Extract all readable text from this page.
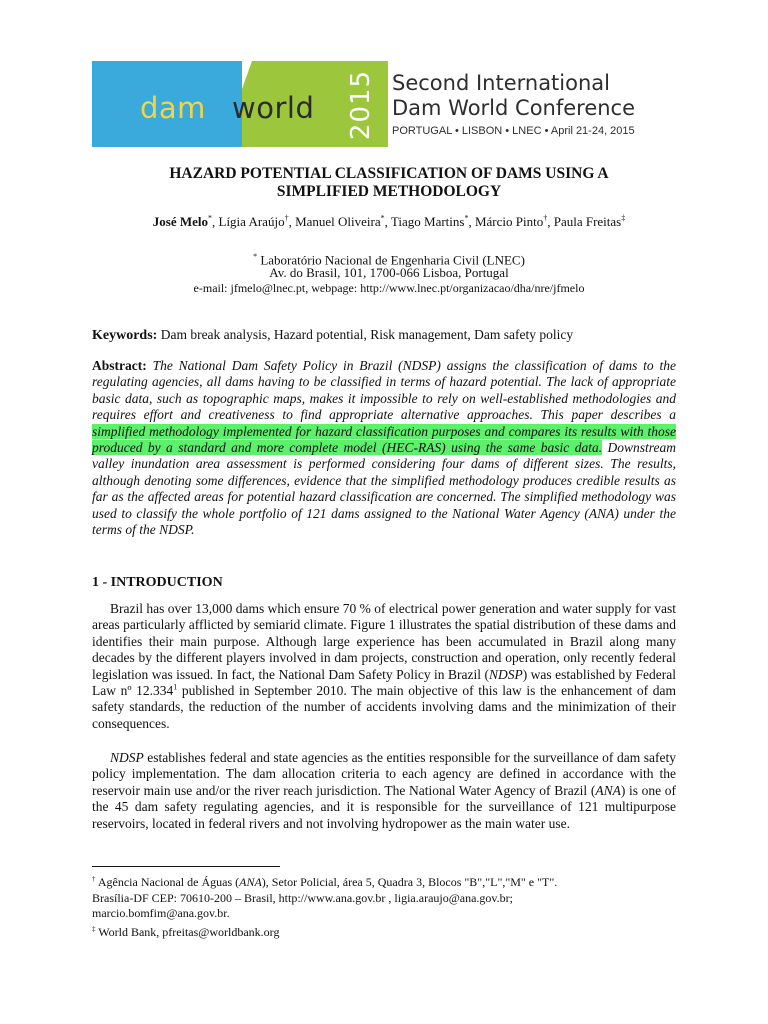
dam world 2015 Second International
Dam World Conference
PORTUGAL • LISBON • LNEC • April 21-24, 2015
HAZARD POTENTIAL CLASSIFICATION OF DAMS USING A
SIMPLIFIED METHODOLOGY
José Melo*, Lígia Araújo†, Manuel Oliveira*, Tiago Martins*, Márcio Pinto†, Paula Freitas‡
* Laboratório Nacional de Engenharia Civil (LNEC)
Av. do Brasil, 101, 1700-066 Lisboa, Portugal
e-mail: jfmelo@lnec.pt, webpage: http://www.lnec.pt/organizacao/dha/nre/jfmelo
Keywords: Dam break analysis, Hazard potential, Risk management, Dam safety policy
Abstract: The National Dam Safety Policy in Brazil (NDSP) assigns the classification of dams to the regulating agencies, all dams having to be classified in terms of hazard potential. The lack of appropriate basic data, such as topographic maps, makes it impossible to rely on well-established methodologies and requires effort and creativeness to find appropriate alternative approaches. This paper describes a simplified methodology implemented for hazard classification purposes and compares its results with those produced by a standard and more complete model (HEC-RAS) using the same basic data. Downstream valley inundation area assessment is performed considering four dams of different sizes. The results, although denoting some differences, evidence that the simplified methodology produces credible results as far as the affected areas for potential hazard classification are concerned. The simplified methodology was used to classify the whole portfolio of 121 dams assigned to the National Water Agency (ANA) under the terms of the NDSP.
1 - INTRODUCTION
Brazil has over 13,000 dams which ensure 70 % of electrical power generation and water supply for vast areas particularly afflicted by semiarid climate. Figure 1 illustrates the spatial distribution of these dams and identifies their main purpose. Although large experience has been accumulated in Brazil along many decades by the different players involved in dam projects, construction and operation, only recently federal legislation was issued. In fact, the National Dam Safety Policy in Brazil (NDSP) was established by Federal Law nº 12.334$^1$ published in September 2010. The main objective of this law is the enhancement of dam safety standards, the reduction of the number of accidents involving dams and the minimization of their consequences.
NDSP establishes federal and state agencies as the entities responsible for the surveillance of dam safety policy implementation. The dam allocation criteria to each agency are defined in accordance with the reservoir main use and/or the river reach jurisdiction. The National Water Agency of Brazil (ANA) is one of the 45 dam safety regulating agencies, and it is responsible for the surveillance of 121 multipurpose reservoirs, located in federal rivers and not involving hydropower as the main water use.
† Agência Nacional de Águas (ANA), Setor Policial, área 5, Quadra 3, Blocos "B","L","M" e "T".
Brasília-DF CEP: 70610-200 – Brasil, http://www.ana.gov.br , ligia.araujo@ana.gov.br;
marcio.bomfim@ana.gov.br.
‡ World Bank, pfreitas@worldbank.org
